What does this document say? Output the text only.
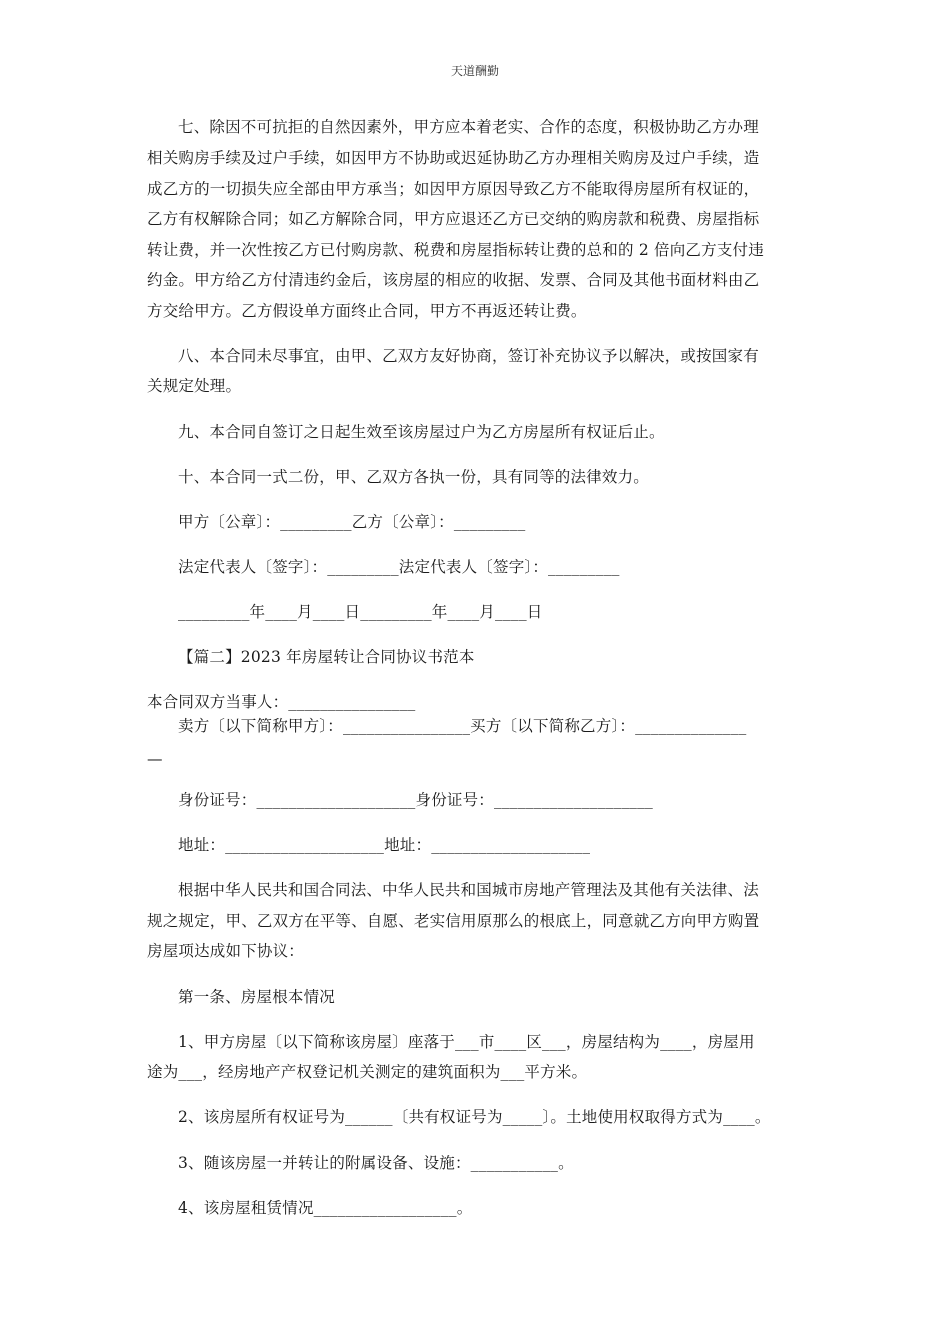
天道酬勤
七、除因不可抗拒的自然因素外，甲方应本着老实、合作的态度，积极协助乙方办理
相关购房手续及过户手续，如因甲方不协助或迟延协助乙方办理相关购房及过户手续，造
成乙方的一切损失应全部由甲方承当；如因甲方原因导致乙方不能取得房屋所有权证的，
乙方有权解除合同；如乙方解除合同，甲方应退还乙方已交纳的购房款和税费、房屋指标
转让费，并一次性按乙方已付购房款、税费和房屋指标转让费的总和的 2 倍向乙方支付违
约金。甲方给乙方付清违约金后，该房屋的相应的收据、发票、合同及其他书面材料由乙
方交给甲方。乙方假设单方面终止合同，甲方不再返还转让费。
八、本合同未尽事宜，由甲、乙双方友好协商，签订补充协议予以解决，或按国家有
关规定处理。
九、本合同自签订之日起生效至该房屋过户为乙方房屋所有权证后止。
十、本合同一式二份，甲、乙双方各执一份，具有同等的法律效力。
甲方〔公章〕：_________乙方〔公章〕：_________
法定代表人〔签字〕：_________法定代表人〔签字〕：_________
_________年____月____日_________年____月____日
【篇二】2023 年房屋转让合同协议书范本
本合同双方当事人：________________
卖方〔以下简称甲方〕：________________买方〔以下简称乙方〕：______________
—
身份证号：____________________身份证号：____________________
地址：____________________地址：____________________
根据中华人民共和国合同法、中华人民共和国城市房地产管理法及其他有关法律、法
规之规定，甲、乙双方在平等、自愿、老实信用原那么的根底上，同意就乙方向甲方购置
房屋项达成如下协议：
第一条、房屋根本情况
1、甲方房屋〔以下简称该房屋〕座落于___市____区___，房屋结构为____，房屋用
途为___，经房地产产权登记机关测定的建筑面积为___平方米。
2、该房屋所有权证号为______〔共有权证号为_____〕。土地使用权取得方式为____。
3、随该房屋一并转让的附属设备、设施：___________。
4、该房屋租赁情况__________________。
